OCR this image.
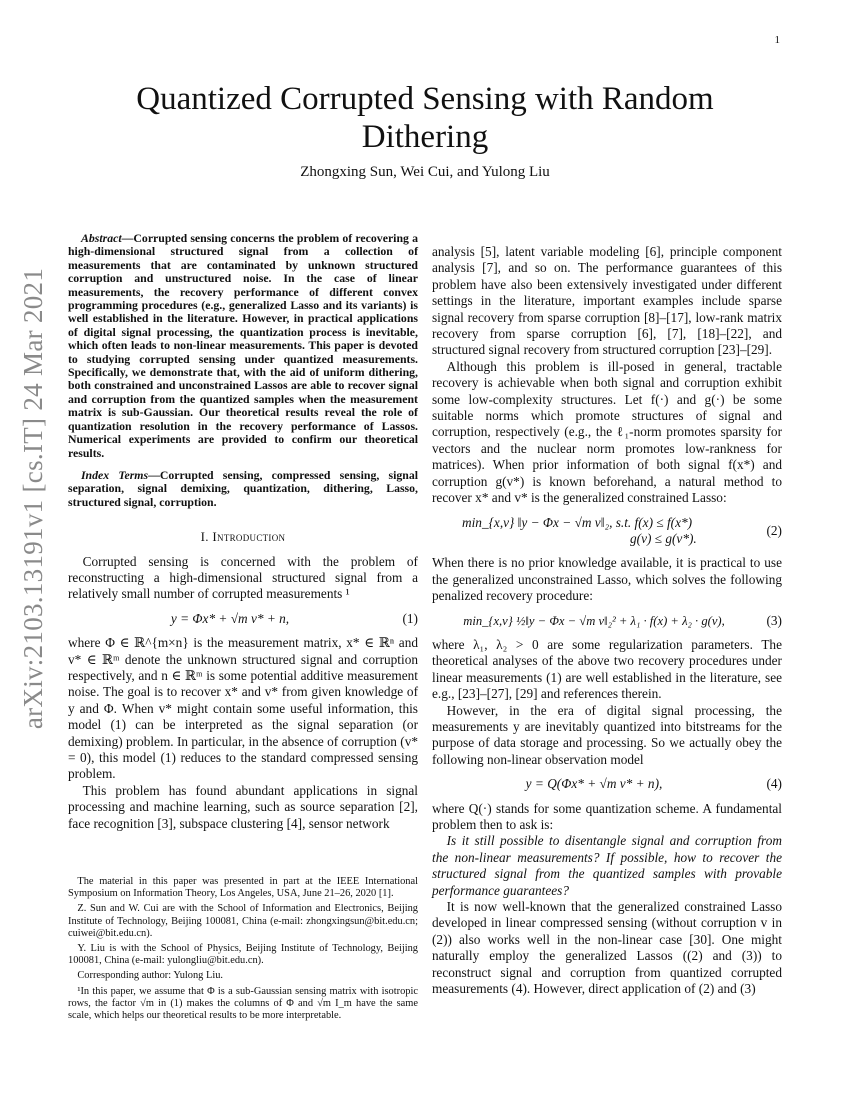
1
arXiv:2103.13191v1 [cs.IT] 24 Mar 2021
Quantized Corrupted Sensing with Random Dithering
Zhongxing Sun, Wei Cui, and Yulong Liu

Abstract—Corrupted sensing concerns the problem of recovering a high-dimensional structured signal from a collection of measurements that are contaminated by unknown structured corruption and unstructured noise. In the case of linear measurements, the recovery performance of different convex programming procedures (e.g., generalized Lasso and its variants) is well established in the literature. However, in practical applications of digital signal processing, the quantization process is inevitable, which often leads to non-linear measurements. This paper is devoted to studying corrupted sensing under quantized measurements. Specifically, we demonstrate that, with the aid of uniform dithering, both constrained and unconstrained Lassos are able to recover signal and corruption from the quantized samples when the measurement matrix is sub-Gaussian. Our theoretical results reveal the role of quantization resolution in the recovery performance of Lassos. Numerical experiments are provided to confirm our theoretical results.

Index Terms—Corrupted sensing, compressed sensing, signal separation, signal demixing, quantization, dithering, Lasso, structured signal, corruption.

I. Introduction

Corrupted sensing is concerned with the problem of reconstructing a high-dimensional structured signal from a relatively small number of corrupted measurements ¹

y = Φx* + √m v* + n,	(1)

where Φ ∈ ℝ^{m×n} is the measurement matrix, x* ∈ ℝⁿ and v* ∈ ℝᵐ denote the unknown structured signal and corruption respectively, and n ∈ ℝᵐ is some potential additive measurement noise. The goal is to recover x* and v* from given knowledge of y and Φ. When v* might contain some useful information, this model (1) can be interpreted as the signal separation (or demixing) problem. In particular, in the absence of corruption (v* = 0), this model (1) reduces to the standard compressed sensing problem.

This problem has found abundant applications in signal processing and machine learning, such as source separation [2], face recognition [3], subspace clustering [4], sensor network

The material in this paper was presented in part at the IEEE International Symposium on Information Theory, Los Angeles, USA, June 21–26, 2020 [1].

Z. Sun and W. Cui are with the School of Information and Electronics, Beijing Institute of Technology, Beijing 100081, China (e-mail: zhongxingsun@bit.edu.cn; cuiwei@bit.edu.cn).

Y. Liu is with the School of Physics, Beijing Institute of Technology, Beijing 100081, China (e-mail: yulongliu@bit.edu.cn).

Corresponding author: Yulong Liu.

¹In this paper, we assume that Φ is a sub-Gaussian sensing matrix with isotropic rows, the factor √m in (1) makes the columns of Φ and √m I_m have the same scale, which helps our theoretical results to be more interpretable.

analysis [5], latent variable modeling [6], principle component analysis [7], and so on. The performance guarantees of this problem have also been extensively investigated under different settings in the literature, important examples include sparse signal recovery from sparse corruption [8]–[17], low-rank matrix recovery from sparse corruption [6], [7], [18]–[22], and structured signal recovery from structured corruption [23]–[29].

Although this problem is ill-posed in general, tractable recovery is achievable when both signal and corruption exhibit some low-complexity structures. Let f(·) and g(·) be some suitable norms which promote structures of signal and corruption, respectively (e.g., the ℓ₁-norm promotes sparsity for vectors and the nuclear norm promotes low-rankness for matrices). When prior information of both signal f(x*) and corruption g(v*) is known beforehand, a natural method to recover x* and v* is the generalized constrained Lasso:

min_{x,v} ‖y − Φx − √m v‖₂, s.t. f(x) ≤ f(x*)
g(v) ≤ g(v*).
(2)

When there is no prior knowledge available, it is practical to use the generalized unconstrained Lasso, which solves the following penalized recovery procedure:

min_{x,v} ½‖y − Φx − √m v‖₂² + λ₁ · f(x) + λ₂ · g(v),	(3)

where λ₁, λ₂ > 0 are some regularization parameters. The theoretical analyses of the above two recovery procedures under linear measurements (1) are well established in the literature, see e.g., [23]–[27], [29] and references therein.

However, in the era of digital signal processing, the measurements y are inevitably quantized into bitstreams for the purpose of data storage and processing. So we actually obey the following non-linear observation model

y = Q(Φx* + √m v* + n),	(4)

where Q(·) stands for some quantization scheme. A fundamental problem then to ask is:

Is it still possible to disentangle signal and corruption from the non-linear measurements? If possible, how to recover the structured signal from the quantized samples with provable performance guarantees?

It is now well-known that the generalized constrained Lasso developed in linear compressed sensing (without corruption v in (2)) also works well in the non-linear case [30]. One might naturally employ the generalized Lassos ((2) and (3)) to reconstruct signal and corruption from quantized corrupted measurements (4). However, direct application of (2) and (3)
